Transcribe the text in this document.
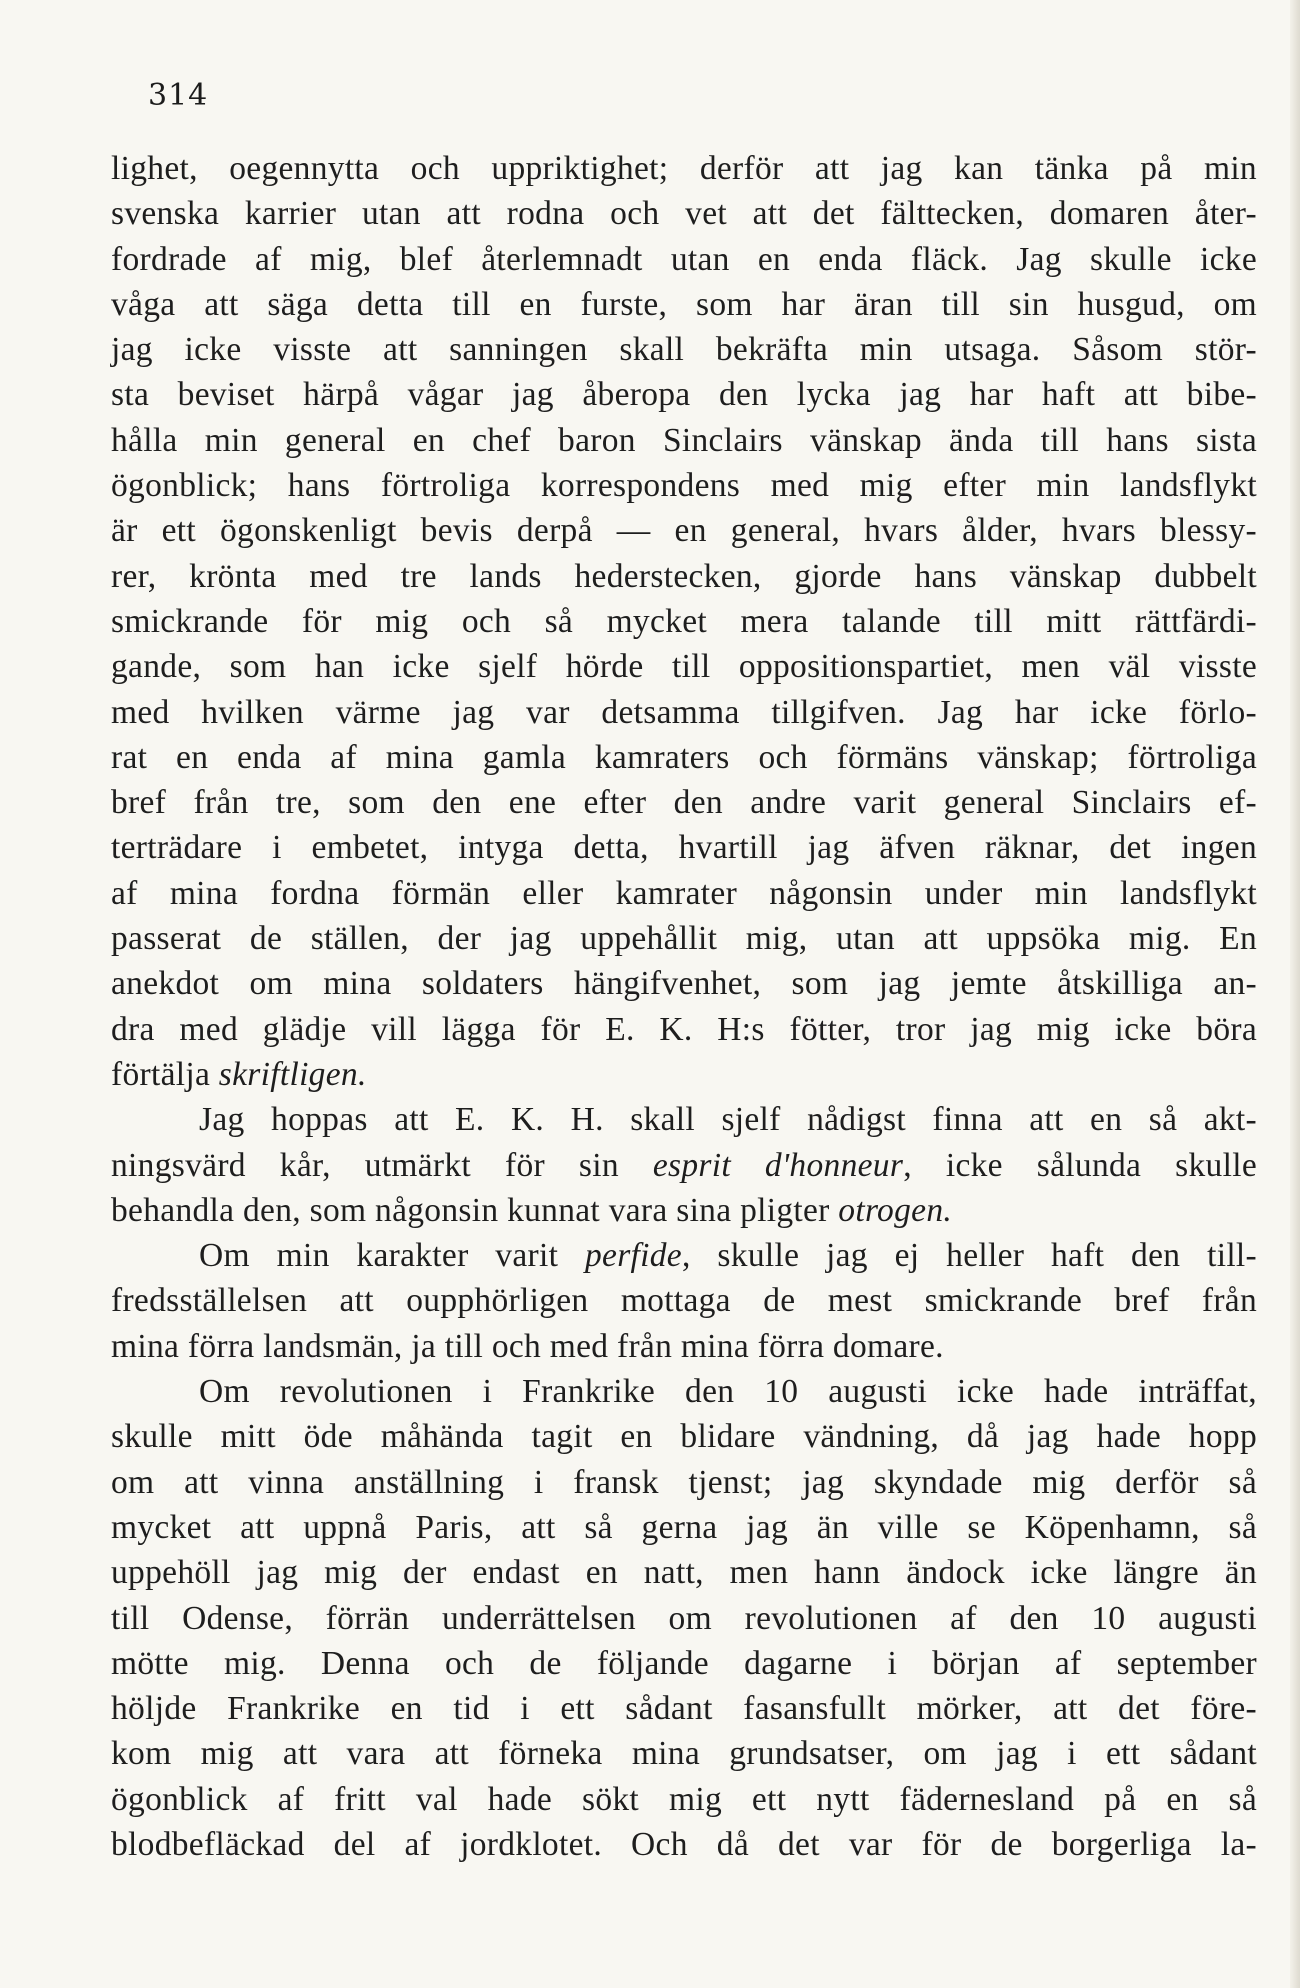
314
lighet, oegennytta och uppriktighet; derför att jag kan tänka på min
svenska karrier utan att rodna och vet att det fälttecken, domaren åter-
fordrade af mig, blef återlemnadt utan en enda fläck. Jag skulle icke
våga att säga detta till en furste, som har äran till sin husgud, om
jag icke visste att sanningen skall bekräfta min utsaga. Såsom stör-
sta beviset härpå vågar jag åberopa den lycka jag har haft att bibe-
hålla min general en chef baron Sinclairs vänskap ända till hans sista
ögonblick; hans förtroliga korrespondens med mig efter min landsflykt
är ett ögonskenligt bevis derpå — en general, hvars ålder, hvars blessy-
rer, krönta med tre lands hederstecken, gjorde hans vänskap dubbelt
smickrande för mig och så mycket mera talande till mitt rättfärdi-
gande, som han icke sjelf hörde till oppositionspartiet, men väl visste
med hvilken värme jag var detsamma tillgifven. Jag har icke förlo-
rat en enda af mina gamla kamraters och förmäns vänskap; förtroliga
bref från tre, som den ene efter den andre varit general Sinclairs ef-
terträdare i embetet, intyga detta, hvartill jag äfven räknar, det ingen
af mina fordna förmän eller kamrater någonsin under min landsflykt
passerat de ställen, der jag uppehållit mig, utan att uppsöka mig. En
anekdot om mina soldaters hängifvenhet, som jag jemte åtskilliga an-
dra med glädje vill lägga för E. K. H:s fötter, tror jag mig icke böra
förtälja skriftligen.
Jag hoppas att E. K. H. skall sjelf nådigst finna att en så akt-
ningsvärd kår, utmärkt för sin esprit d'honneur, icke sålunda skulle
behandla den, som någonsin kunnat vara sina pligter otrogen.
Om min karakter varit perfide, skulle jag ej heller haft den till-
fredsställelsen att oupphörligen mottaga de mest smickrande bref från
mina förra landsmän, ja till och med från mina förra domare.
Om revolutionen i Frankrike den 10 augusti icke hade inträffat,
skulle mitt öde måhända tagit en blidare vändning, då jag hade hopp
om att vinna anställning i fransk tjenst; jag skyndade mig derför så
mycket att uppnå Paris, att så gerna jag än ville se Köpenhamn, så
uppehöll jag mig der endast en natt, men hann ändock icke längre än
till Odense, förrän underrättelsen om revolutionen af den 10 augusti
mötte mig. Denna och de följande dagarne i början af september
höljde Frankrike en tid i ett sådant fasansfullt mörker, att det före-
kom mig att vara att förneka mina grundsatser, om jag i ett sådant
ögonblick af fritt val hade sökt mig ett nytt fädernesland på en så
blodbefläckad del af jordklotet. Och då det var för de borgerliga la-
